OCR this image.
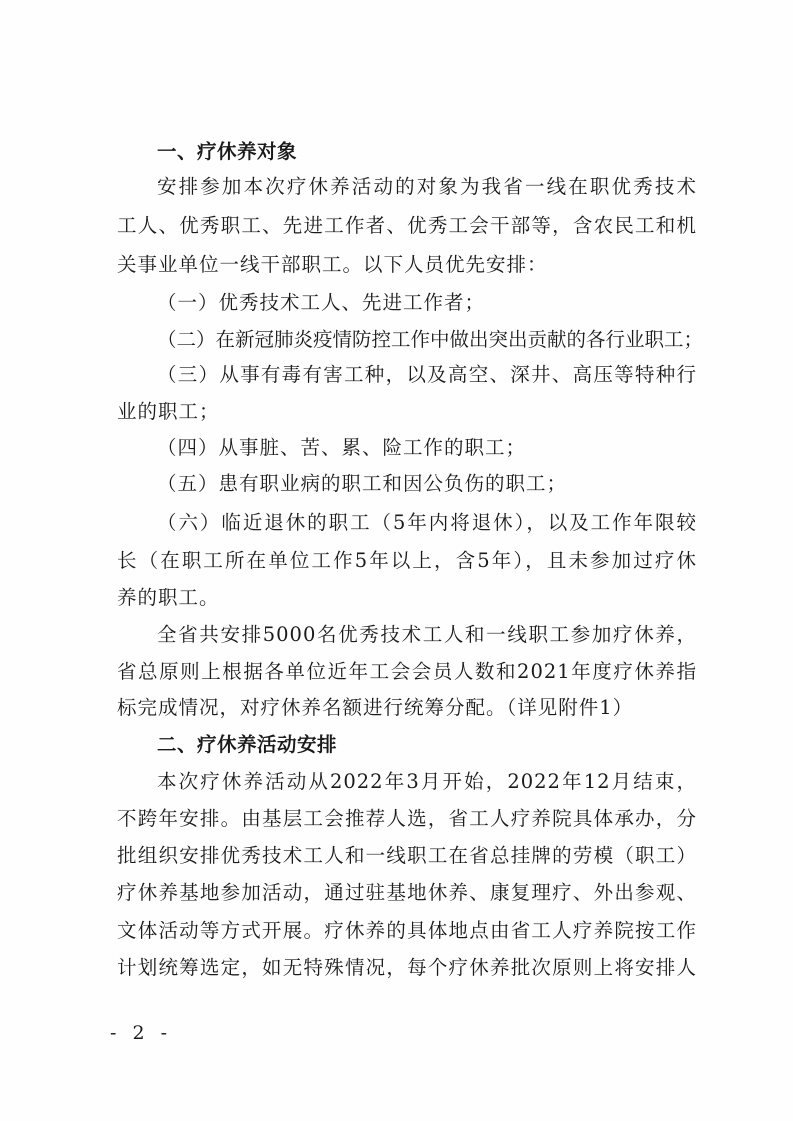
一、疗休养对象
安排参加本次疗休养活动的对象为我省一线在职优秀技术
工人、优秀职工、先进工作者、优秀工会干部等，含农民工和机
关事业单位一线干部职工。以下人员优先安排：
（一）优秀技术工人、先进工作者；
（二）在新冠肺炎疫情防控工作中做出突出贡献的各行业职工；
（三）从事有毒有害工种，以及高空、深井、高压等特种行
业的职工；
（四）从事脏、苦、累、险工作的职工；
（五）患有职业病的职工和因公负伤的职工；
（六）临近退休的职工（5年内将退休），以及工作年限较
长（在职工所在单位工作5年以上，含5年），且未参加过疗休
养的职工。
全省共安排5000名优秀技术工人和一线职工参加疗休养，
省总原则上根据各单位近年工会会员人数和2021年度疗休养指
标完成情况，对疗休养名额进行统筹分配。（详见附件1）
二、疗休养活动安排
本次疗休养活动从2022年3月开始，2022年12月结束，
不跨年安排。由基层工会推荐人选，省工人疗养院具体承办，分
批组织安排优秀技术工人和一线职工在省总挂牌的劳模（职工）
疗休养基地参加活动，通过驻基地休养、康复理疗、外出参观、
文体活动等方式开展。疗休养的具体地点由省工人疗养院按工作
计划统筹选定，如无特殊情况，每个疗休养批次原则上将安排人
- 2 -
